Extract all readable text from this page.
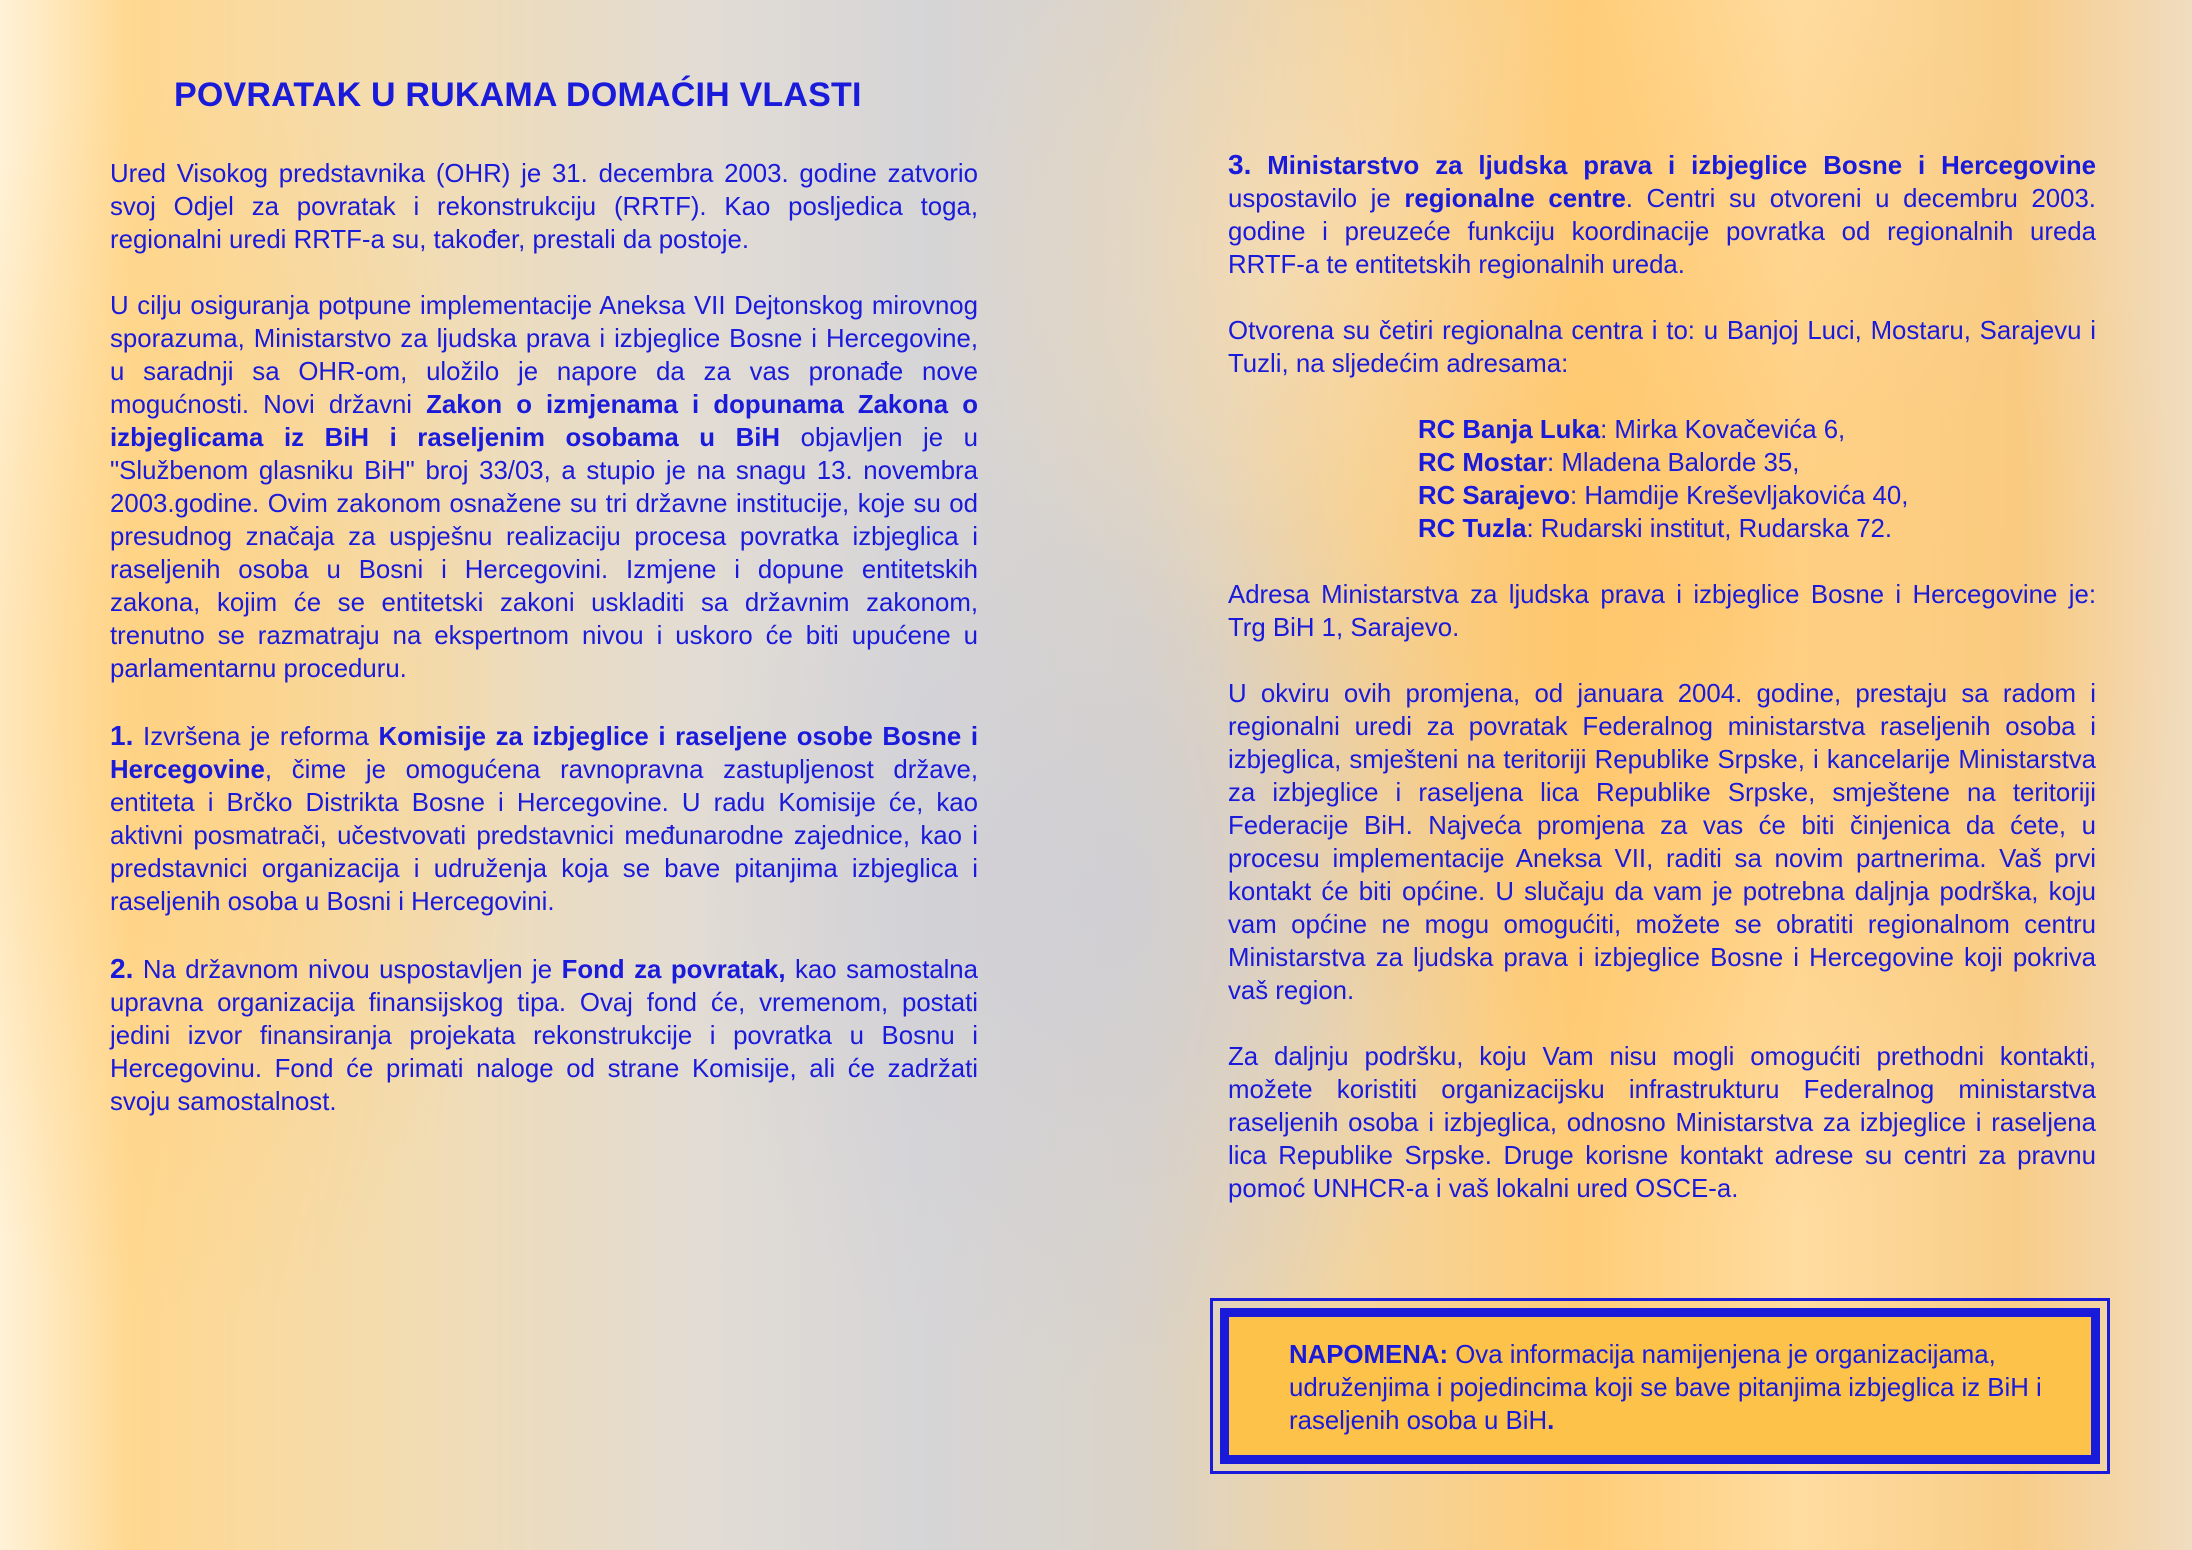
POVRATAK U RUKAMA DOMAĆIH VLASTI

Ured Visokog predstavnika (OHR) je 31. decembra 2003. godine zatvorio svoj Odjel za povratak i rekonstrukciju (RRTF). Kao posljedica toga, regionalni uredi RRTF-a su, također, prestali da postoje.

U cilju osiguranja potpune implementacije Aneksa VII Dejtonskog mirovnog sporazuma, Ministarstvo za ljudska prava i izbjeglice Bosne i Hercegovine, u saradnji sa OHR-om, uložilo je napore da za vas pronađe nove mogućnosti. Novi državni Zakon o izmjenama i dopunama Zakona o izbjeglicama iz BiH i raseljenim osobama u BiH objavljen je u "Službenom glasniku BiH" broj 33/03, a stupio je na snagu 13. novembra 2003.godine. Ovim zakonom osnažene su tri državne institucije, koje su od presudnog značaja za uspješnu realizaciju procesa povratka izbjeglica i raseljenih osoba u Bosni i Hercegovini. Izmjene i dopune entitetskih zakona, kojim će se entitetski zakoni uskladiti sa državnim zakonom, trenutno se razmatraju na ekspertnom nivou i uskoro će biti upućene u parlamentarnu proceduru.

1. Izvršena je reforma Komisije za izbjeglice i raseljene osobe Bosne i Hercegovine, čime je omogućena ravnopravna zastupljenost države, entiteta i Brčko Distrikta Bosne i Hercegovine. U radu Komisije će, kao aktivni posmatrači, učestvovati predstavnici međunarodne zajednice, kao i predstavnici organizacija i udruženja koja se bave pitanjima izbjeglica i raseljenih osoba u Bosni i Hercegovini.

2. Na državnom nivou uspostavljen je Fond za povratak, kao samostalna upravna organizacija finansijskog tipa. Ovaj fond će, vremenom, postati jedini izvor finansiranja projekata rekonstrukcije i povratka u Bosnu i Hercegovinu. Fond će primati naloge od strane Komisije, ali će zadržati svoju samostalnost.

3. Ministarstvo za ljudska prava i izbjeglice Bosne i Hercegovine uspostavilo je regionalne centre. Centri su otvoreni u decembru 2003. godine i preuzeće funkciju koordinacije povratka od regionalnih ureda RRTF-a te entitetskih regionalnih ureda.

Otvorena su četiri regionalna centra i to: u Banjoj Luci, Mostaru, Sarajevu i Tuzli, na sljedećim adresama:

RC Banja Luka: Mirka Kovačevića 6,
RC Mostar: Mladena Balorde 35,
RC Sarajevo: Hamdije Kreševljakovića 40,
RC Tuzla: Rudarski institut, Rudarska 72.

Adresa Ministarstva za ljudska prava i izbjeglice Bosne i Hercegovine je: Trg BiH 1, Sarajevo.

U okviru ovih promjena, od januara 2004. godine, prestaju sa radom i regionalni uredi za povratak Federalnog ministarstva raseljenih osoba i izbjeglica, smješteni na teritoriji Republike Srpske, i kancelarije Ministarstva za izbjeglice i raseljena lica Republike Srpske, smještene na teritoriji Federacije BiH. Najveća promjena za vas će biti činjenica da ćete, u procesu implementacije Aneksa VII, raditi sa novim partnerima. Vaš prvi kontakt će biti općine. U slučaju da vam je potrebna daljnja podrška, koju vam općine ne mogu omogućiti, možete se obratiti regionalnom centru Ministarstva za ljudska prava i izbjeglice Bosne i Hercegovine koji pokriva vaš region.

Za daljnju podršku, koju Vam nisu mogli omogućiti prethodni kontakti, možete koristiti organizacijsku infrastrukturu Federalnog ministarstva raseljenih osoba i izbjeglica, odnosno Ministarstva za izbjeglice i raseljena lica Republike Srpske. Druge korisne kontakt adrese su centri za pravnu pomoć UNHCR-a i vaš lokalni ured OSCE-a.

NAPOMENA: Ova informacija namijenjena je organizacijama, udruženjima i pojedincima koji se bave pitanjima izbjeglica iz BiH i raseljenih osoba u BiH.
